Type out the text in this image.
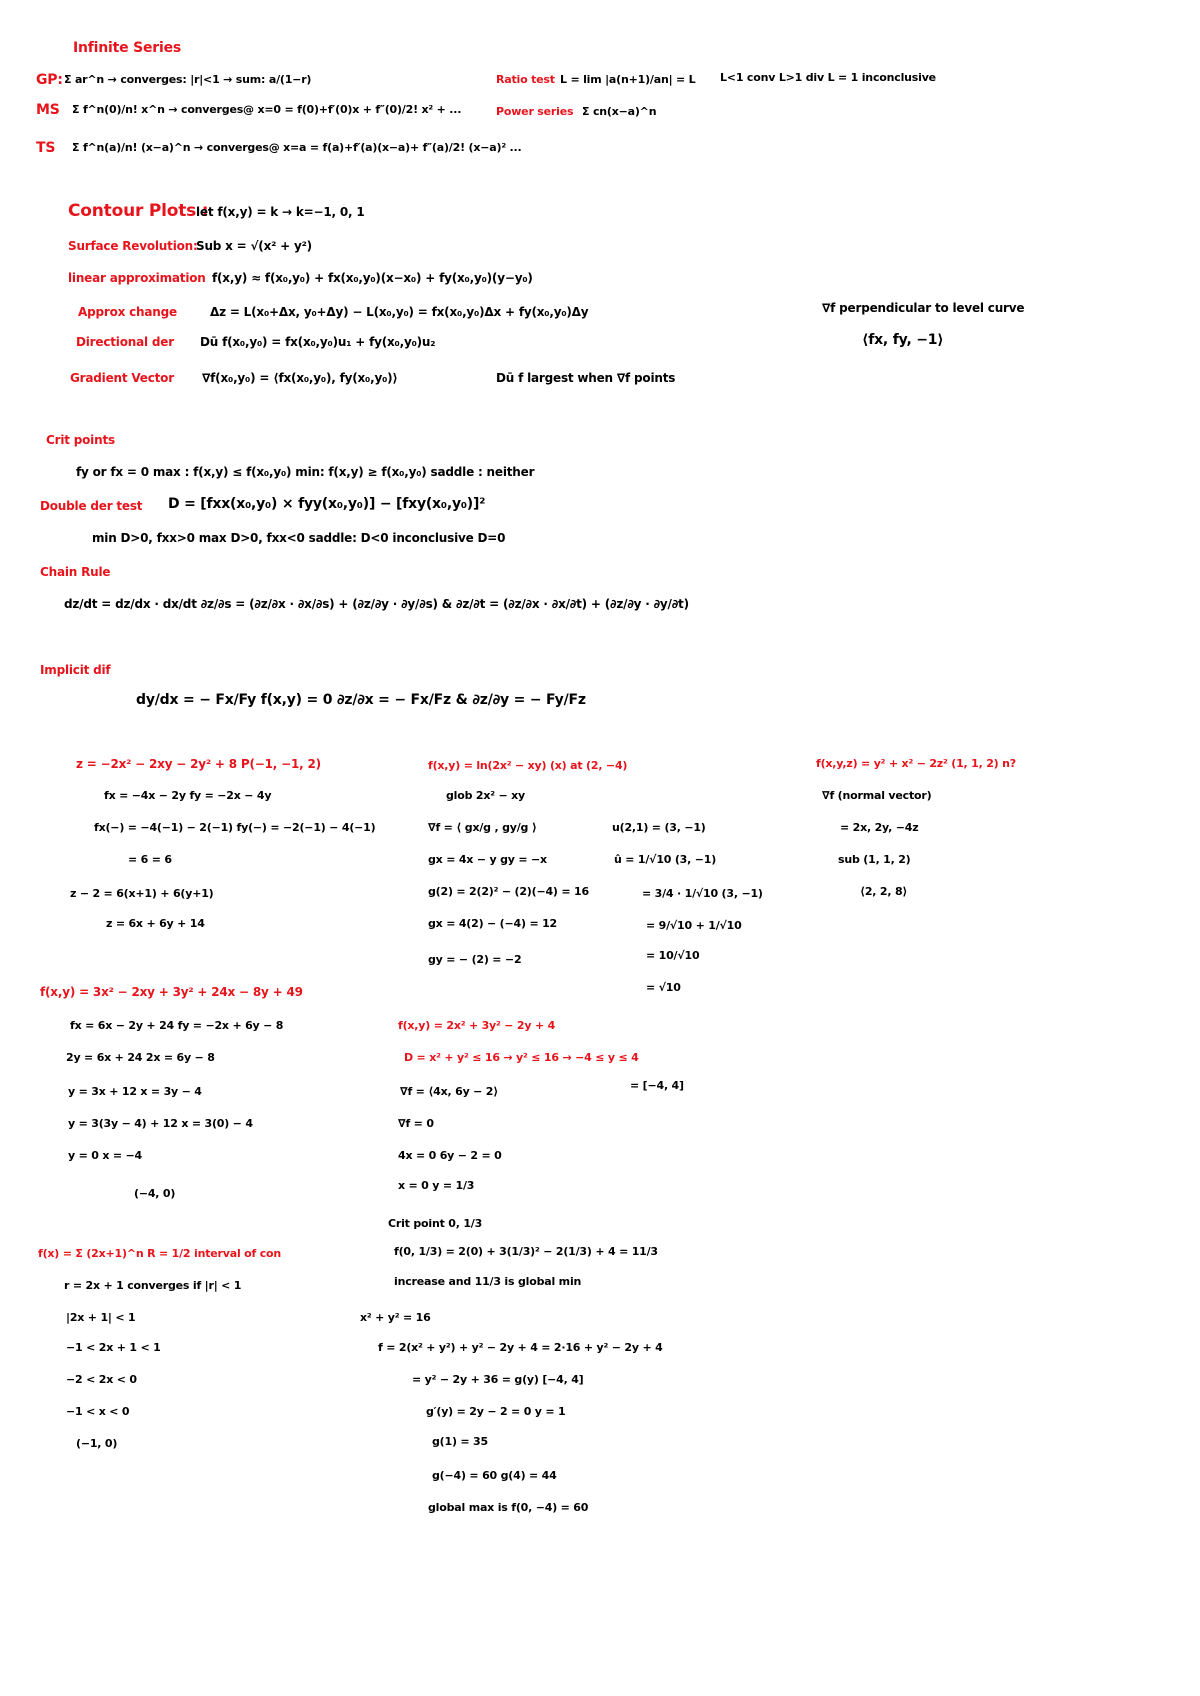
Infinite Series
GP: Σ ar^n → converges: |r|<1 → sum: a/(1−r)
MS Σ f^n(0)/n! x^n → converges@ x=0 = f(0)+f′(0)x + f″(0)/2! x² + ...
TS Σ f^n(a)/n! (x−a)^n → converges@ x=a = f(a)+f′(a)(x−a)+ f″(a)/2! (x−a)² ...
Ratio test L = lim |a(n+1)/an| = L L<1 conv L>1 div L = 1 inconclusive
Power series Σ cn(x−a)^n
Contour Plots :
let f(x,y) = k → k=−1, 0, 1
Surface Revolution:
Sub x = √(x² + y²)
linear approximation f(x,y) ≈ f(x₀,y₀) + fx(x₀,y₀)(x−x₀) + fy(x₀,y₀)(y−y₀)
Approx change	Δz = L(x₀+Δx, y₀+Δy) − L(x₀,y₀) = fx(x₀,y₀)Δx + fy(x₀,y₀)Δy
Directional der Dū f(x₀,y₀) = fx(x₀,y₀)u₁ + fy(x₀,y₀)u₂
Gradient Vector ∇f(x₀,y₀) = ⟨fx(x₀,y₀), fy(x₀,y₀)⟩	Dū f largest when ∇f points
∇f perpendicular to level curve
⟨fx, fy, −1⟩
Crit points
fy or fx = 0 max : f(x,y) ≤ f(x₀,y₀) min: f(x,y) ≥ f(x₀,y₀) saddle : neither
Double der test D = [fxx(x₀,y₀) × fyy(x₀,y₀)] − [fxy(x₀,y₀)]²
min D>0, fxx>0 max D>0, fxx<0 saddle: D<0 inconclusive D=0
Chain Rule
dz/dt = dz/dx · dx/dt ∂z/∂s = (∂z/∂x · ∂x/∂s) + (∂z/∂y · ∂y/∂s) & ∂z/∂t = (∂z/∂x · ∂x/∂t) + (∂z/∂y · ∂y/∂t)
Implicit dif
dy/dx = − Fx/Fy f(x,y) = 0 ∂z/∂x = − Fx/Fz & ∂z/∂y = − Fy/Fz
z = −2x² − 2xy − 2y² + 8 P(−1, −1, 2)
fx = −4x − 2y fy = −2x − 4y
fx(−) = −4(−1) − 2(−1) fy(−) = −2(−1) − 4(−1)
= 6 = 6
z − 2 = 6(x+1) + 6(y+1)
z = 6x + 6y + 14
f(x,y) = ln(2x² − xy) (x) at (2, −4)
glob 2x² − xy
∇f = ⟨ gx/g , gy/g ⟩
gx = 4x − y gy = −x
g(2) = 2(2)² − (2)(−4) = 16
gx = 4(2) − (−4) = 12
gy = − (2) = −2
u(2,1) = (3, −1)
û = 1/√10 (3, −1)
= 3/4 · 1/√10 (3, −1)
= 9/√10 + 1/√10
= 10/√10
= √10
f(x,y,z) = y² + x² − 2z² (1, 1, 2) n?
∇f (normal vector)
= 2x, 2y, −4z
sub (1, 1, 2)
⟨2, 2, 8⟩
f(x,y) = 3x² − 2xy + 3y² + 24x − 8y + 49
fx = 6x − 2y + 24 fy = −2x + 6y − 8
2y = 6x + 24 2x = 6y − 8
y = 3x + 12 x = 3y − 4
y = 3(3y − 4) + 12 x = 3(0) − 4
y = 0 x = −4
(−4, 0)
f(x,y) = 2x² + 3y² − 2y + 4
D = x² + y² ≤ 16 → y² ≤ 16 → −4 ≤ y ≤ 4
= [−4, 4]
∇f = ⟨4x, 6y − 2⟩
∇f = 0
4x = 0 6y − 2 = 0
x = 0 y = 1/3
Crit point 0, 1/3
f(0, 1/3) = 2(0) + 3(1/3)² − 2(1/3) + 4 = 11/3
increase and 11/3 is global min
x² + y² = 16
f = 2(x² + y²) + y² − 2y + 4 = 2·16 + y² − 2y + 4
= y² − 2y + 36 = g(y) [−4, 4]
g′(y) = 2y − 2 = 0 y = 1
g(1) = 35
g(−4) = 60 g(4) = 44
global max is f(0, −4) = 60
f(x) = Σ (2x+1)^n R = 1/2 interval of con
r = 2x + 1 converges if |r| < 1
|2x + 1| < 1
−1 < 2x + 1 < 1
−2 < 2x < 0
−1 < x < 0
(−1, 0)
